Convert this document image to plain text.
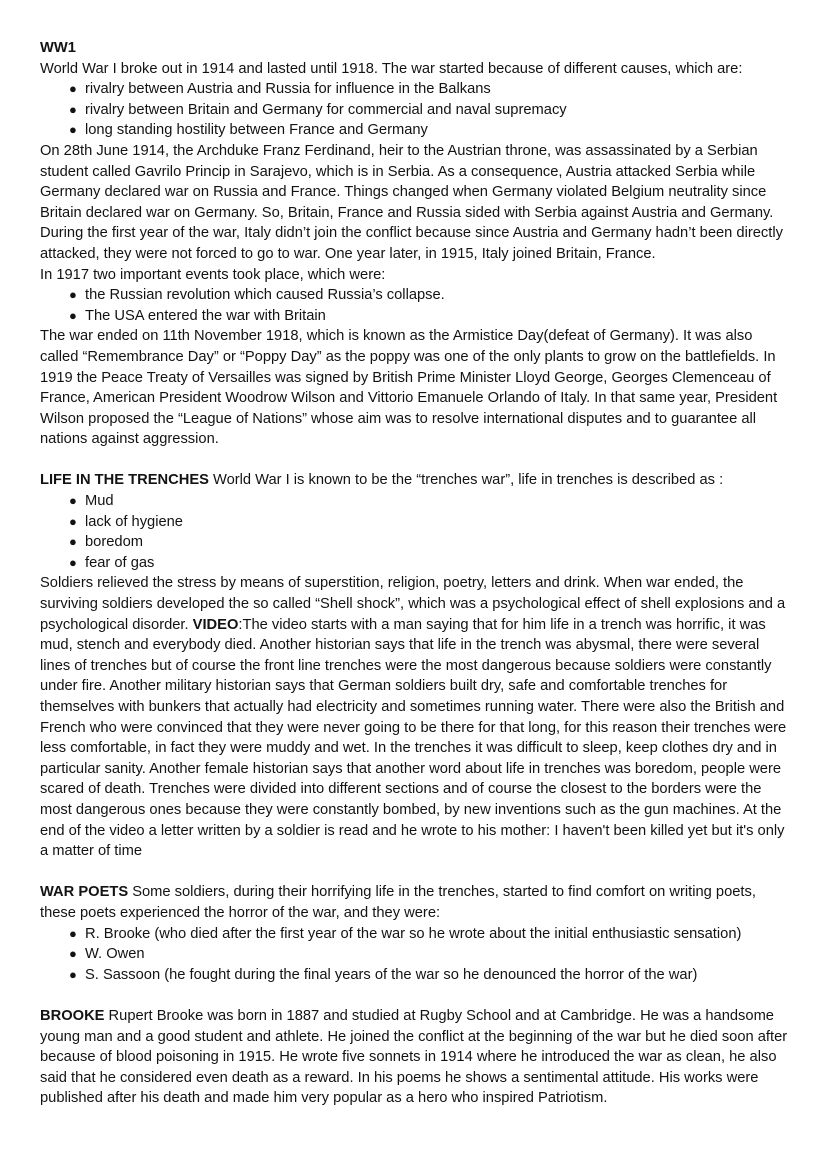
WW1

World War I broke out in 1914 and lasted until 1918. The war started because of different causes, which are:

● rivalry between Austria and Russia for influence in the Balkans
● rivalry between Britain and Germany for commercial and naval supremacy
● long standing hostility between France and Germany

On 28th June 1914, the Archduke Franz Ferdinand, heir to the Austrian throne, was assassinated by a Serbian student called Gavrilo Princip in Sarajevo, which is in Serbia. As a consequence, Austria attacked Serbia while Germany declared war on Russia and France. Things changed when Germany violated Belgium neutrality since Britain declared war on Germany. So, Britain, France and Russia sided with Serbia against Austria and Germany. During the first year of the war, Italy didn’t join the conflict because since Austria and Germany hadn’t been directly attacked, they were not forced to go to war. One year later, in 1915, Italy joined Britain, France.

In 1917 two important events took place, which were:

● the Russian revolution which caused Russia’s collapse.
● The USA entered the war with Britain

The war ended on 11th November 1918, which is known as the Armistice Day(defeat of Germany). It was also called “Remembrance Day” or “Poppy Day” as the poppy was one of the only plants to grow on the battlefields. In 1919 the Peace Treaty of Versailles was signed by British Prime Minister Lloyd George, Georges Clemenceau of France, American President Woodrow Wilson and Vittorio Emanuele Orlando of Italy. In that same year, President Wilson proposed the “League of Nations” whose aim was to resolve international disputes and to guarantee all nations against aggression.

LIFE IN THE TRENCHES World War I is known to be the “trenches war”, life in trenches is described as :

● Mud
● lack of hygiene
● boredom
● fear of gas

Soldiers relieved the stress by means of superstition, religion, poetry, letters and drink. When war ended, the surviving soldiers developed the so called “Shell shock”, which was a psychological effect of shell explosions and a psychological disorder. VIDEO:The video starts with a man saying that for him life in a trench was horrific, it was mud, stench and everybody died. Another historian says that life in the trench was abysmal, there were several lines of trenches but of course the front line trenches were the most dangerous because soldiers were constantly under fire. Another military historian says that German soldiers built dry, safe and comfortable trenches for themselves with bunkers that actually had electricity and sometimes running water. There were also the British and French who were convinced that they were never going to be there for that long, for this reason their trenches were less comfortable, in fact they were muddy and wet. In the trenches it was difficult to sleep, keep clothes dry and in particular sanity. Another female historian says that another word about life in trenches was boredom, people were scared of death. Trenches were divided into different sections and of course the closest to the borders were the most dangerous ones because they were constantly bombed, by new inventions such as the gun machines. At the end of the video a letter written by a soldier is read and he wrote to his mother: I haven't been killed yet but it's only a matter of time

WAR POETS Some soldiers, during their horrifying life in the trenches, started to find comfort on writing poets, these poets experienced the horror of the war, and they were:

● R. Brooke (who died after the first year of the war so he wrote about the initial enthusiastic sensation)
● W. Owen
● S. Sassoon (he fought during the final years of the war so he denounced the horror of the war)

BROOKE Rupert Brooke was born in 1887 and studied at Rugby School and at Cambridge. He was a handsome young man and a good student and athlete. He joined the conflict at the beginning of the war but he died soon after because of blood poisoning in 1915. He wrote five sonnets in 1914 where he introduced the war as clean, he also said that he considered even death as a reward. In his poems he shows a sentimental attitude. His works were published after his death and made him very popular as a hero who inspired Patriotism.
